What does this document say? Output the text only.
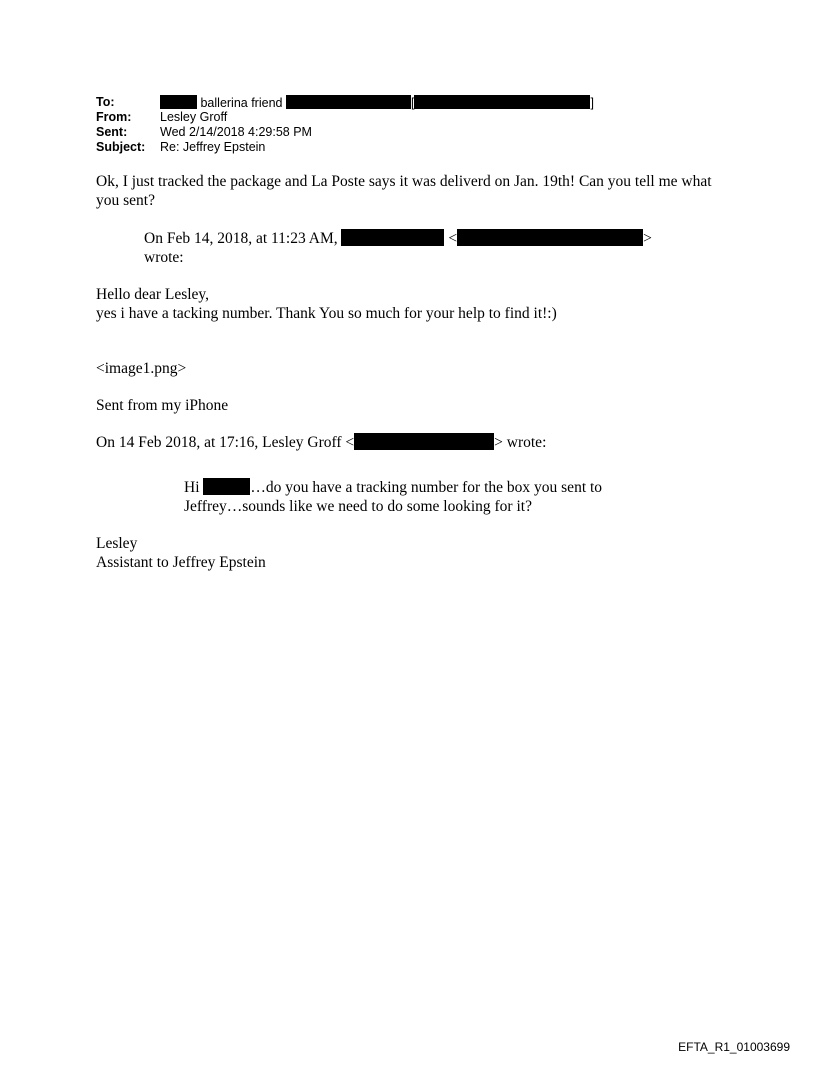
To:	ballerina friend	[	]
From: Lesley Groff
Sent:	Wed 2/14/2018 4:29:58 PM
Subject: Re: Jeffrey Epstein

Ok, I just tracked the package and La Poste says it was deliverd on Jan. 19th! Can you tell me what you sent?

On Feb 14, 2018, at 11:23 AM,	<	>
wrote:

Hello dear Lesley,

yes i have a tacking number. Thank You so much for your help to find it!:)

<image1.png>

Sent from my iPhone

On 14 Feb 2018, at 17:16, Lesley Groff <	> wrote:

Hi	…do you have a tracking number for the box you sent to
Jeffrey…sounds like we need to do some looking for it?

Lesley

Assistant to Jeffrey Epstein

EFTA_R1_01003699
